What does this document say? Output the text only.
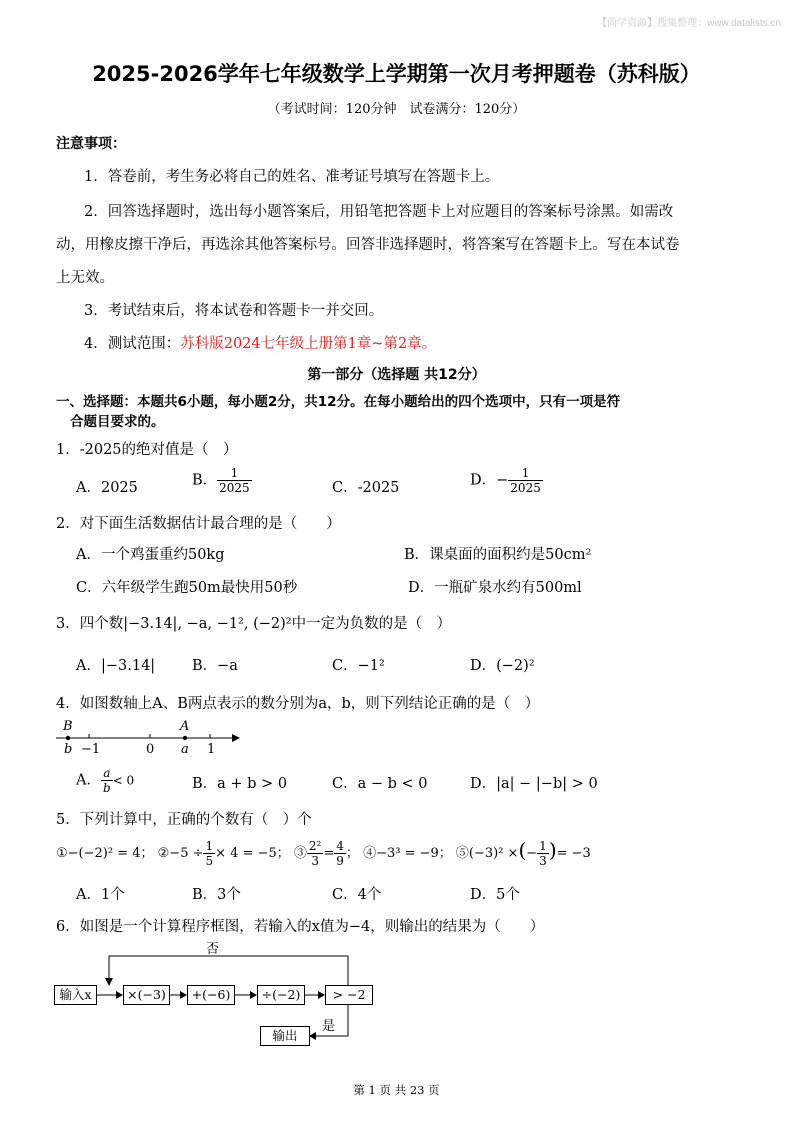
【尚学资源】搜集整理：www.datalists.cn
2025-2026学年七年级数学上学期第一次月考押题卷（苏科版）
（考试时间：120分钟　试卷满分：120分）
注意事项：
1．答卷前，考生务必将自己的姓名、准考证号填写在答题卡上。
2．回答选择题时，选出每小题答案后，用铅笔把答题卡上对应题目的答案标号涂黑。如需改
动，用橡皮擦干净后，再选涂其他答案标号。回答非选择题时，将答案写在答题卡上。写在本试卷
上无效。
3．考试结束后，将本试卷和答题卡一并交回。
4．测试范围：苏科版2024七年级上册第1章~第2章。
第一部分（选择题 共12分）
一、选择题：本题共6小题，每小题2分，共12分。在每小题给出的四个选项中，只有一项是符
合题目要求的。
1．-2025的绝对值是（　）
A．2025	B． $\frac{1}{2025}$	C．-2025	D．− $\frac{1}{2025}$
2．对下面生活数据估计最合理的是（　　）
A．一个鸡蛋重约50kg	B．课桌面的面积约是50cm²
C．六年级学生跑50m最快用50秒	D．一瓶矿泉水约有500ml
3．四个数|−3.14|, −a, −1², (−2)²中一定为负数的是（　）
A．|−3.14|	B．−a	C．−1²	D．(−2)²
4．如图数轴上A、B两点表示的数分别为a，b，则下列结论正确的是（　）
B	A
b −1	0 a 1
A． $\frac{a}{b} < 0$	B．a + b > 0	C．a − b < 0	D．|a| − |−b| > 0
5．下列计算中，正确的个数有（　）个
①−(−2)² = 4； ②−5 ÷ $\frac{1}{5} \times 4 = -5$； ③ $\frac{\text{2²}}{3} = \frac{4}{9}$ ； ④−3³ = −9； ⑤(−3)² ×(− $\frac{1}{3}$ )= −3
A．1个	B．3个	C．4个	D．5个
6．如图是一个计算程序框图，若输入的x值为−4，则输出的结果为（　　）
否
输入x	×(−3)	+(−6)	÷(−2)	> −2
是
输出
第 1 页 共 23 页
